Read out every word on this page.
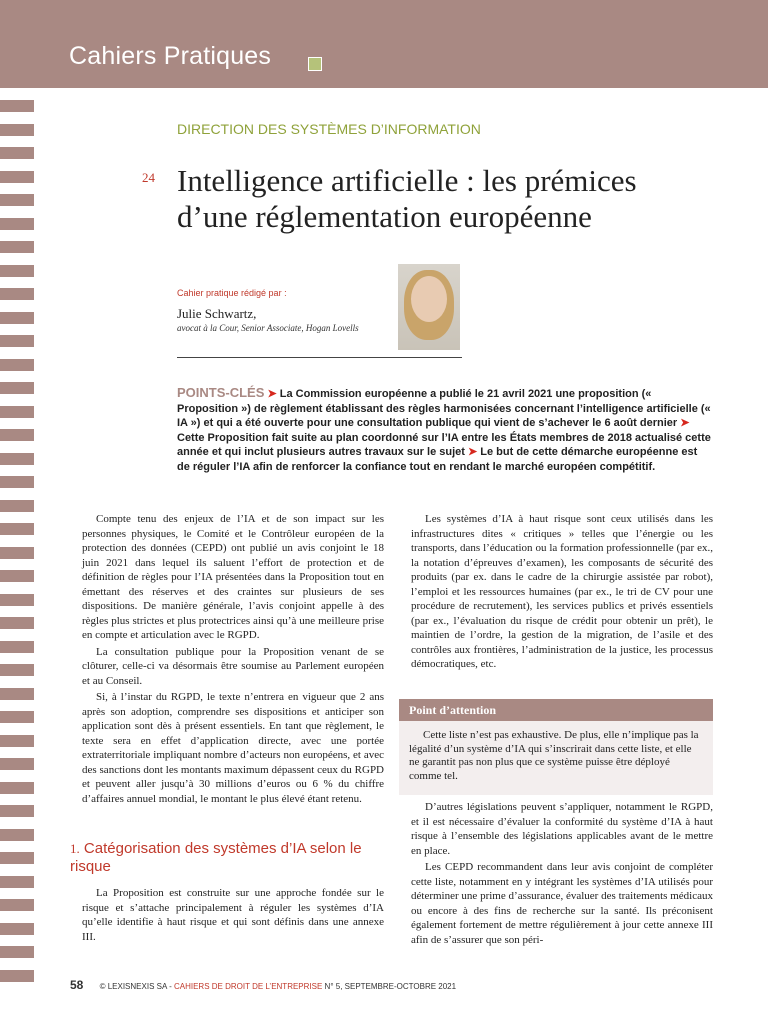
Cahiers Pratiques
DIRECTION DES SYSTÈMES D’INFORMATION
24 Intelligence artificielle : les prémices
d’une réglementation européenne
Cahier pratique rédigé par :
Julie Schwartz,
avocat à la Cour, Senior Associate, Hogan Lovells
POINTS-CLÉS ➤ La Commission européenne a publié le 21 avril 2021 une proposition (« Proposition ») de règlement établissant des règles harmonisées concernant l’intelligence artificielle (« IA ») et qui a été ouverte pour une consultation publique qui vient de s’achever le 6 août dernier ➤ Cette Proposition fait suite au plan coordonné sur l’IA entre les États membres de 2018 actualisé cette année et qui inclut plusieurs autres travaux sur le sujet ➤ Le but de cette démarche européenne est de réguler l’IA afin de renforcer la confiance tout en rendant le marché européen compétitif.

Compte tenu des enjeux de l’IA et de son impact sur les personnes physiques, le Comité et le Contrôleur européen de la protection des données (CEPD) ont publié un avis conjoint le 18 juin 2021 dans lequel ils saluent l’effort de protection et de définition de règles pour l’IA présentées dans la Proposition tout en émettant des réserves et des craintes sur plusieurs de ses dispositions. De manière générale, l’avis conjoint appelle à des règles plus strictes et plus protectrices ainsi qu’à une meilleure prise en compte et articulation avec le RGPD.

La consultation publique pour la Proposition venant de se clôturer, celle-ci va désormais être soumise au Parlement européen et au Conseil.

Si, à l’instar du RGPD, le texte n’entrera en vigueur que 2 ans après son adoption, comprendre ses dispositions et anticiper son application sont dès à présent essentiels. En tant que règlement, le texte sera en effet d’application directe, avec une portée extraterritoriale impliquant nombre d’acteurs non européens, et avec des sanctions dont les montants maximum dépassent ceux du RGPD et peuvent aller jusqu’à 30 millions d’euros ou 6 % du chiffre d’affaires annuel mondial, le montant le plus élevé étant retenu.

1. Catégorisation des systèmes d’IA selon le risque

La Proposition est construite sur une approche fondée sur le risque et s’attache principalement à réguler les systèmes d’IA qu’elle identifie à haut risque et qui sont définis dans une annexe III.

Les systèmes d’IA à haut risque sont ceux utilisés dans les infrastructures dites « critiques » telles que l’énergie ou les transports, dans l’éducation ou la formation professionnelle (par ex., la notation d’épreuves d’examen), les composants de sécurité des produits (par ex. dans le cadre de la chirurgie assistée par robot), l’emploi et les ressources humaines (par ex., le tri de CV pour une procédure de recrutement), les services publics et privés essentiels (par ex., l’évaluation du risque de crédit pour obtenir un prêt), le maintien de l’ordre, la gestion de la migration, de l’asile et des contrôles aux frontières, l’administration de la justice, les processus démocratiques, etc.

Point d’attention
Cette liste n’est pas exhaustive. De plus, elle n’implique pas la légalité d’un système d’IA qui s’inscrirait dans cette liste, et elle ne garantit pas non plus que ce système puisse être déployé comme tel.

D’autres législations peuvent s’appliquer, notamment le RGPD, et il est nécessaire d’évaluer la conformité du système d’IA à haut risque à l’ensemble des législations applicables avant de le mettre en place.

Les CEPD recommandent dans leur avis conjoint de compléter cette liste, notamment en y intégrant les systèmes d’IA utilisés pour déterminer une prime d’assurance, évaluer des traitements médicaux ou encore à des fins de recherche sur la santé. Ils préconisent également fortement de mettre régulièrement à jour cette annexe III afin de s’assurer que son péri-

58 © LEXISNEXIS SA - CAHIERS DE DROIT DE L’ENTREPRISE N° 5, SEPTEMBRE-OCTOBRE 2021
